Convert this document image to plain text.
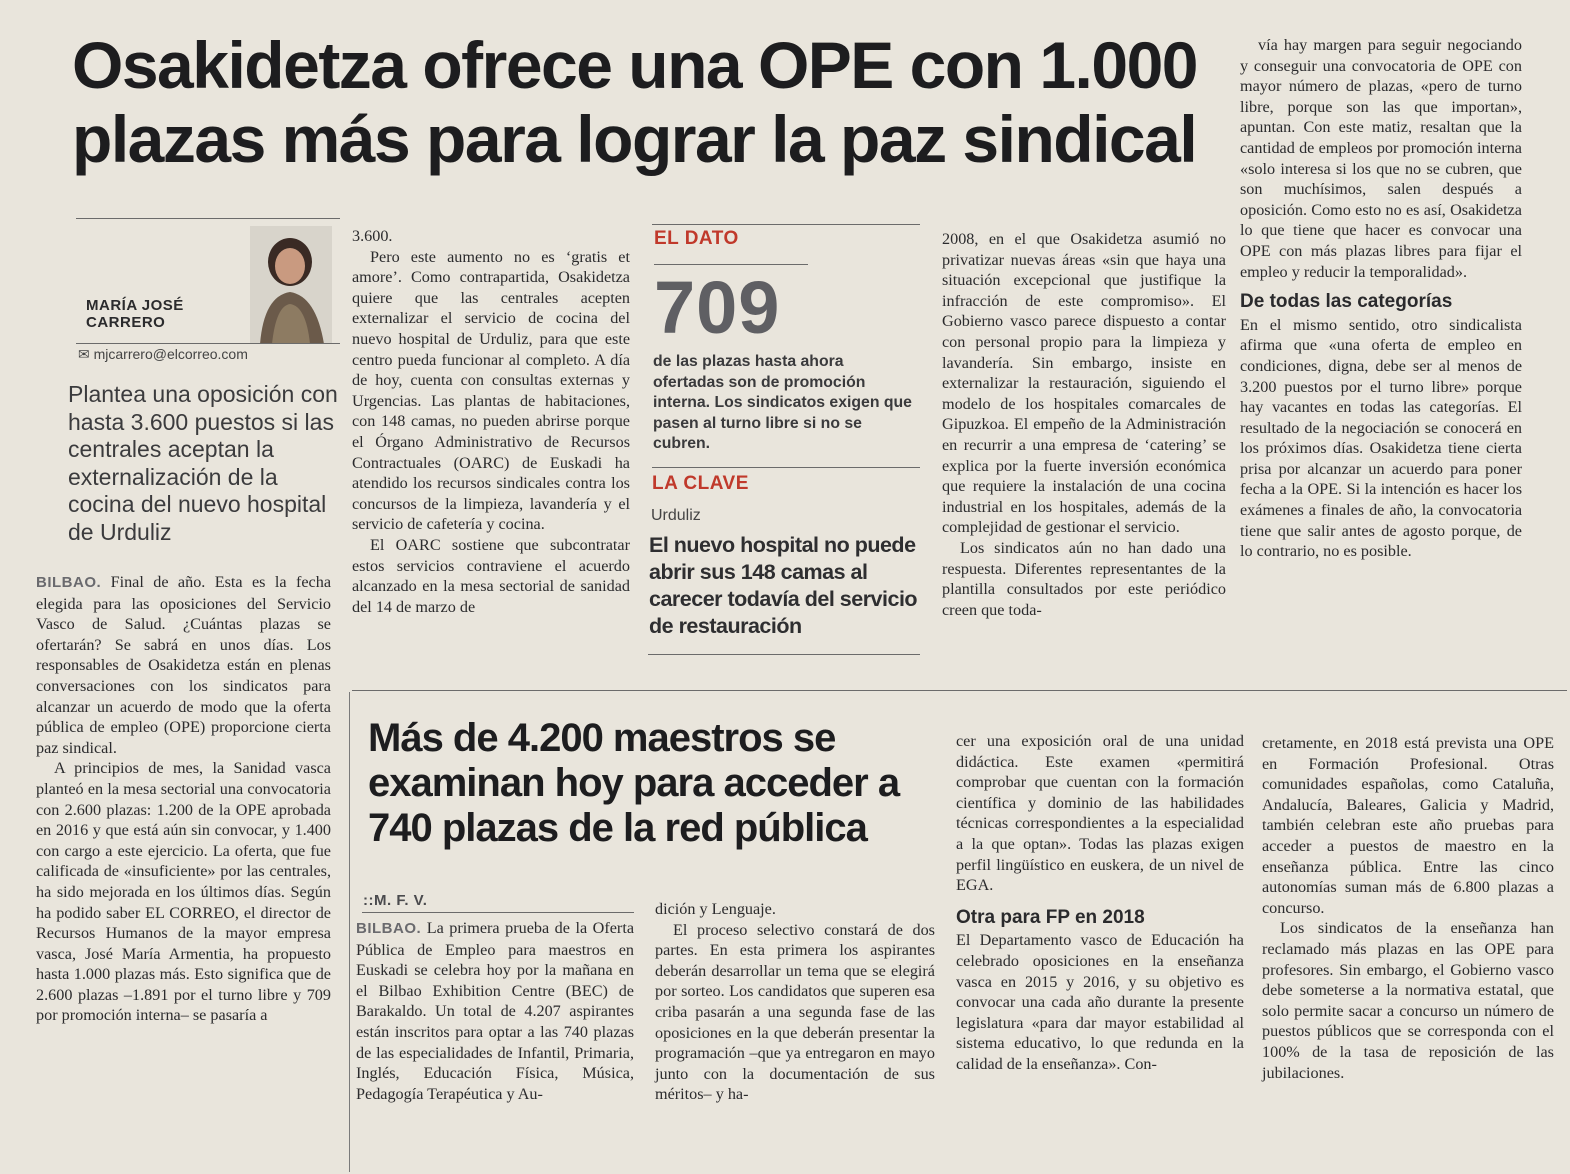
Osakidetza ofrece una OPE con 1.000 plazas más para lograr la paz sindical
MARÍA JOSÉ CARRERO
✉ mjcarrero@elcorreo.com
Plantea una oposición con hasta 3.600 puestos si las centrales aceptan la externalización de la cocina del nuevo hospital de Urduliz

BILBAO. Final de año. Esta es la fecha elegida para las oposiciones del Servicio Vasco de Salud. ¿Cuántas plazas se ofertarán? Se sabrá en unos días. Los responsables de Osakidetza están en plenas conversaciones con los sindicatos para alcanzar un acuerdo de modo que la oferta pública de empleo (OPE) proporcione cierta paz sindical.

A principios de mes, la Sanidad vasca planteó en la mesa sectorial una convocatoria con 2.600 plazas: 1.200 de la OPE aprobada en 2016 y que está aún sin convocar, y 1.400 con cargo a este ejercicio. La oferta, que fue calificada de «insuficiente» por las centrales, ha sido mejorada en los últimos días. Según ha podido saber EL CORREO, el director de Recursos Humanos de la mayor empresa vasca, José María Armentia, ha propuesto hasta 1.000 plazas más. Esto significa que de 2.600 plazas –1.891 por el turno libre y 709 por promoción interna– se pasaría a

3.600.

Pero este aumento no es ‘gratis et amore’. Como contrapartida, Osakidetza quiere que las centrales acepten externalizar el servicio de cocina del nuevo hospital de Urduliz, para que este centro pueda funcionar al completo. A día de hoy, cuenta con consultas externas y Urgencias. Las plantas de habitaciones, con 148 camas, no pueden abrirse porque el Órgano Administrativo de Recursos Contractuales (OARC) de Euskadi ha atendido los recursos sindicales contra los concursos de la limpieza, lavandería y el servicio de cafetería y cocina.

El OARC sostiene que subcontratar estos servicios contraviene el acuerdo alcanzado en la mesa sectorial de sanidad del 14 de marzo de

EL DATO
709
de las plazas hasta ahora ofertadas son de promoción interna. Los sindicatos exigen que pasen al turno libre si no se cubren.
LA CLAVE
Urduliz
El nuevo hospital no puede abrir sus 148 camas al carecer todavía del servicio de restauración

2008, en el que Osakidetza asumió no privatizar nuevas áreas «sin que haya una situación excepcional que justifique la infracción de este compromiso». El Gobierno vasco parece dispuesto a contar con personal propio para la limpieza y lavandería. Sin embargo, insiste en externalizar la restauración, siguiendo el modelo de los hospitales comarcales de Gipuzkoa. El empeño de la Administración en recurrir a una empresa de ‘catering’ se explica por la fuerte inversión económica que requiere la instalación de una cocina industrial en los hospitales, además de la complejidad de gestionar el servicio.

Los sindicatos aún no han dado una respuesta. Diferentes representantes de la plantilla consultados por este periódico creen que toda-

vía hay margen para seguir negociando y conseguir una convocatoria de OPE con mayor número de plazas, «pero de turno libre, porque son las que importan», apuntan. Con este matiz, resaltan que la cantidad de empleos por promoción interna «solo interesa si los que no se cubren, que son muchísimos, salen después a oposición. Como esto no es así, Osakidetza lo que tiene que hacer es convocar una OPE con más plazas libres para fijar el empleo y reducir la temporalidad».

De todas las categorías

En el mismo sentido, otro sindicalista afirma que «una oferta de empleo en condiciones, digna, debe ser al menos de 3.200 puestos por el turno libre» porque hay vacantes en todas las categorías. El resultado de la negociación se conocerá en los próximos días. Osakidetza tiene cierta prisa por alcanzar un acuerdo para poner fecha a la OPE. Si la intención es hacer los exámenes a finales de año, la convocatoria tiene que salir antes de agosto porque, de lo contrario, no es posible.

Más de 4.200 maestros se examinan hoy para acceder a 740 plazas de la red pública
::M. F. V.

BILBAO. La primera prueba de la Oferta Pública de Empleo para maestros en Euskadi se celebra hoy por la mañana en el Bilbao Exhibition Centre (BEC) de Barakaldo. Un total de 4.207 aspirantes están inscritos para optar a las 740 plazas de las especialidades de Infantil, Primaria, Inglés, Educación Física, Música, Pedagogía Terapéutica y Au-

dición y Lenguaje.

El proceso selectivo constará de dos partes. En esta primera los aspirantes deberán desarrollar un tema que se elegirá por sorteo. Los candidatos que superen esa criba pasarán a una segunda fase de las oposiciones en la que deberán presentar la programación –que ya entregaron en mayo junto con la documentación de sus méritos– y ha-

cer una exposición oral de una unidad didáctica. Este examen «permitirá comprobar que cuentan con la formación científica y dominio de las habilidades técnicas correspondientes a la especialidad a la que optan». Todas las plazas exigen perfil lingüístico en euskera, de un nivel de EGA.

Otra para FP en 2018

El Departamento vasco de Educación ha celebrado oposiciones en la enseñanza vasca en 2015 y 2016, y su objetivo es convocar una cada año durante la presente legislatura «para dar mayor estabilidad al sistema educativo, lo que redunda en la calidad de la enseñanza». Con-

cretamente, en 2018 está prevista una OPE en Formación Profesional. Otras comunidades españolas, como Cataluña, Andalucía, Baleares, Galicia y Madrid, también celebran este año pruebas para acceder a puestos de maestro en la enseñanza pública. Entre las cinco autonomías suman más de 6.800 plazas a concurso.

Los sindicatos de la enseñanza han reclamado más plazas en las OPE para profesores. Sin embargo, el Gobierno vasco debe someterse a la normativa estatal, que solo permite sacar a concurso un número de puestos públicos que se corresponda con el 100% de la tasa de reposición de las jubilaciones.
